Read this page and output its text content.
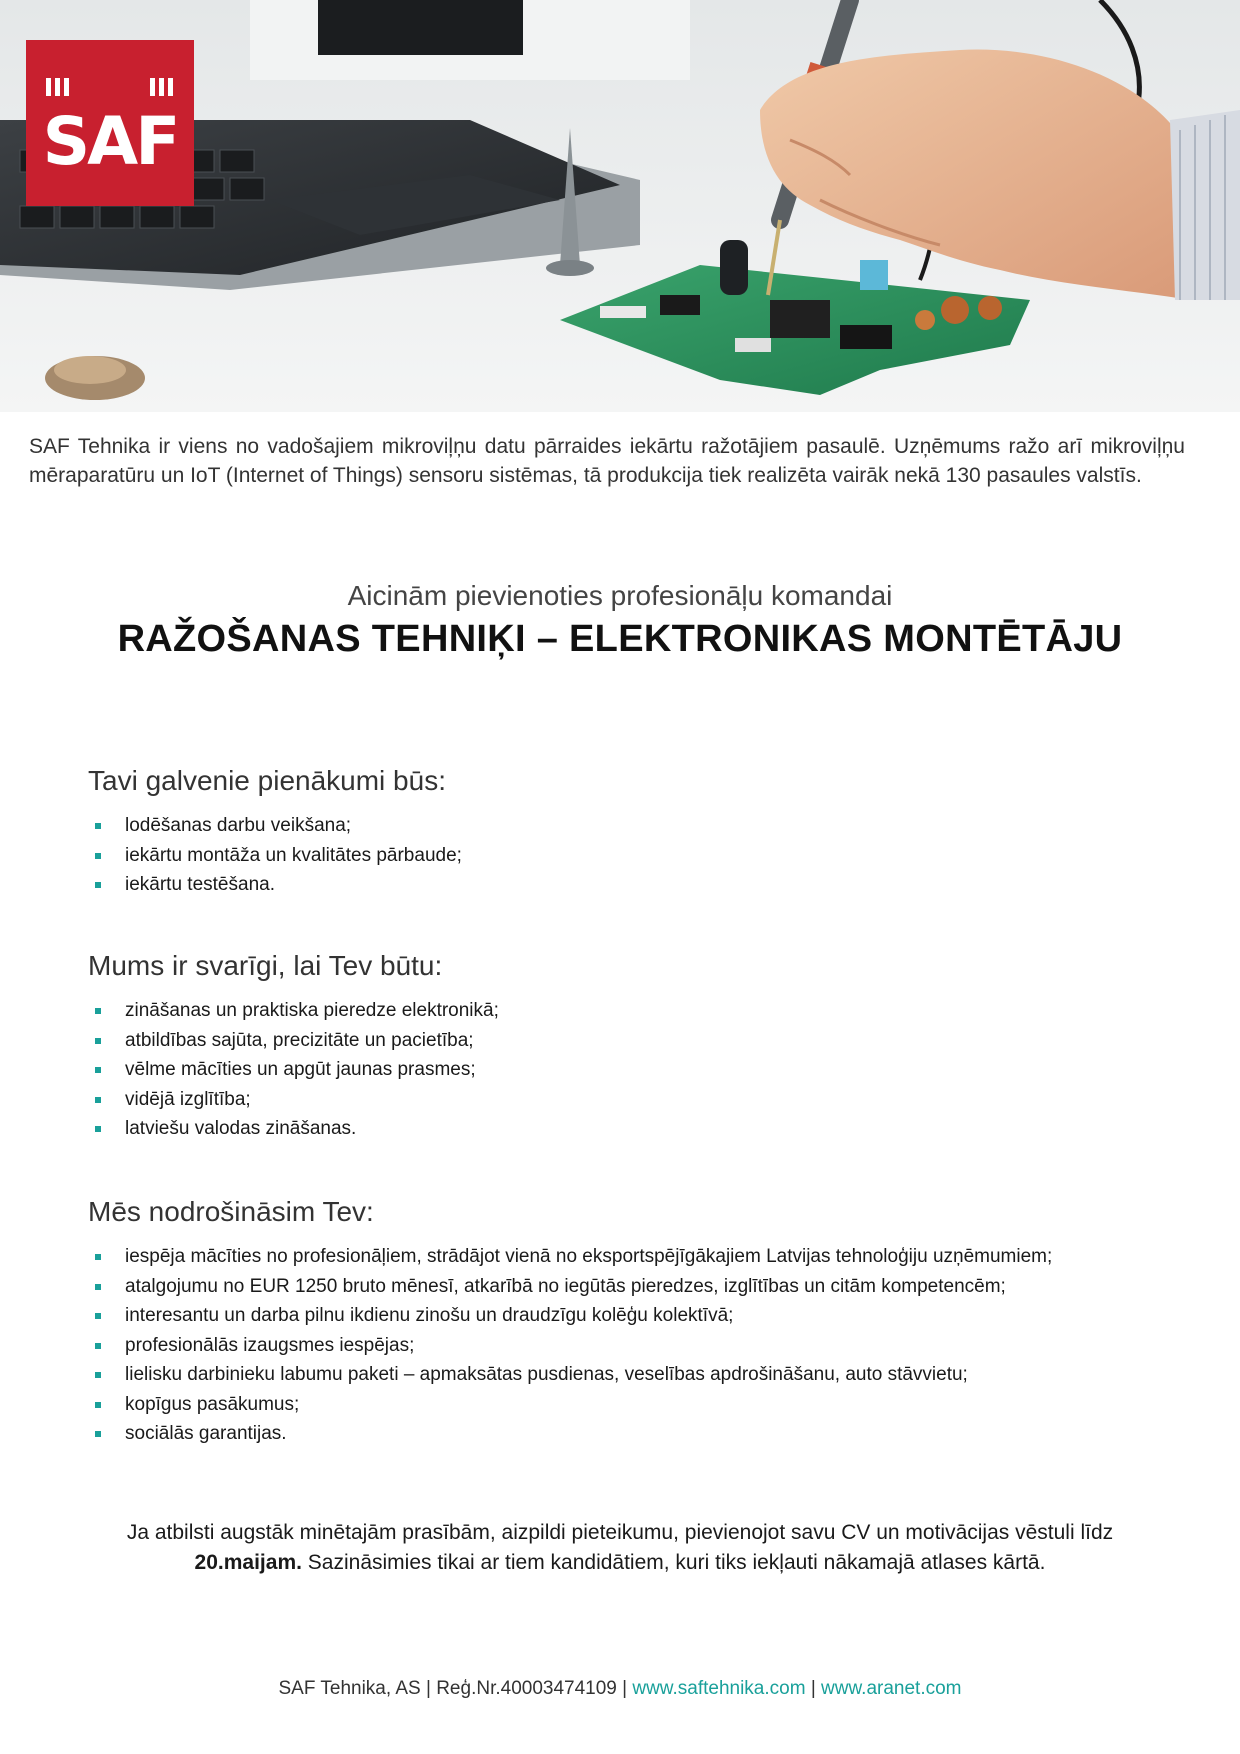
SAF
SAF Tehnika ir viens no vadošajiem mikroviļņu datu pārraides iekārtu ražotājiem pasaulē. Uzņēmums ražo arī mikroviļņu mēraparatūru un IoT (Internet of Things) sensoru sistēmas, tā produkcija tiek realizēta vairāk nekā 130 pasaules valstīs.
Aicinām pievienoties profesionāļu komandai
RAŽOŠANAS TEHNIĶI – ELEKTRONIKAS MONTĒTĀJU
Tavi galvenie pienākumi būs:
lodēšanas darbu veikšana;
iekārtu montāža un kvalitātes pārbaude;
iekārtu testēšana.
Mums ir svarīgi, lai Tev būtu:
zināšanas un praktiska pieredze elektronikā;
atbildības sajūta, precizitāte un pacietība;
vēlme mācīties un apgūt jaunas prasmes;
vidējā izglītība;
latviešu valodas zināšanas.
Mēs nodrošināsim Tev:
iespēja mācīties no profesionāļiem, strādājot vienā no eksportspējīgākajiem Latvijas tehnoloģiju uzņēmumiem;
atalgojumu no EUR 1250 bruto mēnesī, atkarībā no iegūtās pieredzes, izglītības un citām kompetencēm;
interesantu un darba pilnu ikdienu zinošu un draudzīgu kolēģu kolektīvā;
profesionālās izaugsmes iespējas;
lielisku darbinieku labumu paketi – apmaksātas pusdienas, veselības apdrošināšanu, auto stāvvietu;
kopīgus pasākumus;
sociālās garantijas.
Ja atbilsti augstāk minētajām prasībām, aizpildi pieteikumu, pievienojot savu CV un motivācijas vēstuli līdz 20.maijam. Sazināsimies tikai ar tiem kandidātiem, kuri tiks iekļauti nākamajā atlases kārtā.
SAF Tehnika, AS | Reģ.Nr.40003474109 | www.saftehnika.com | www.aranet.com
